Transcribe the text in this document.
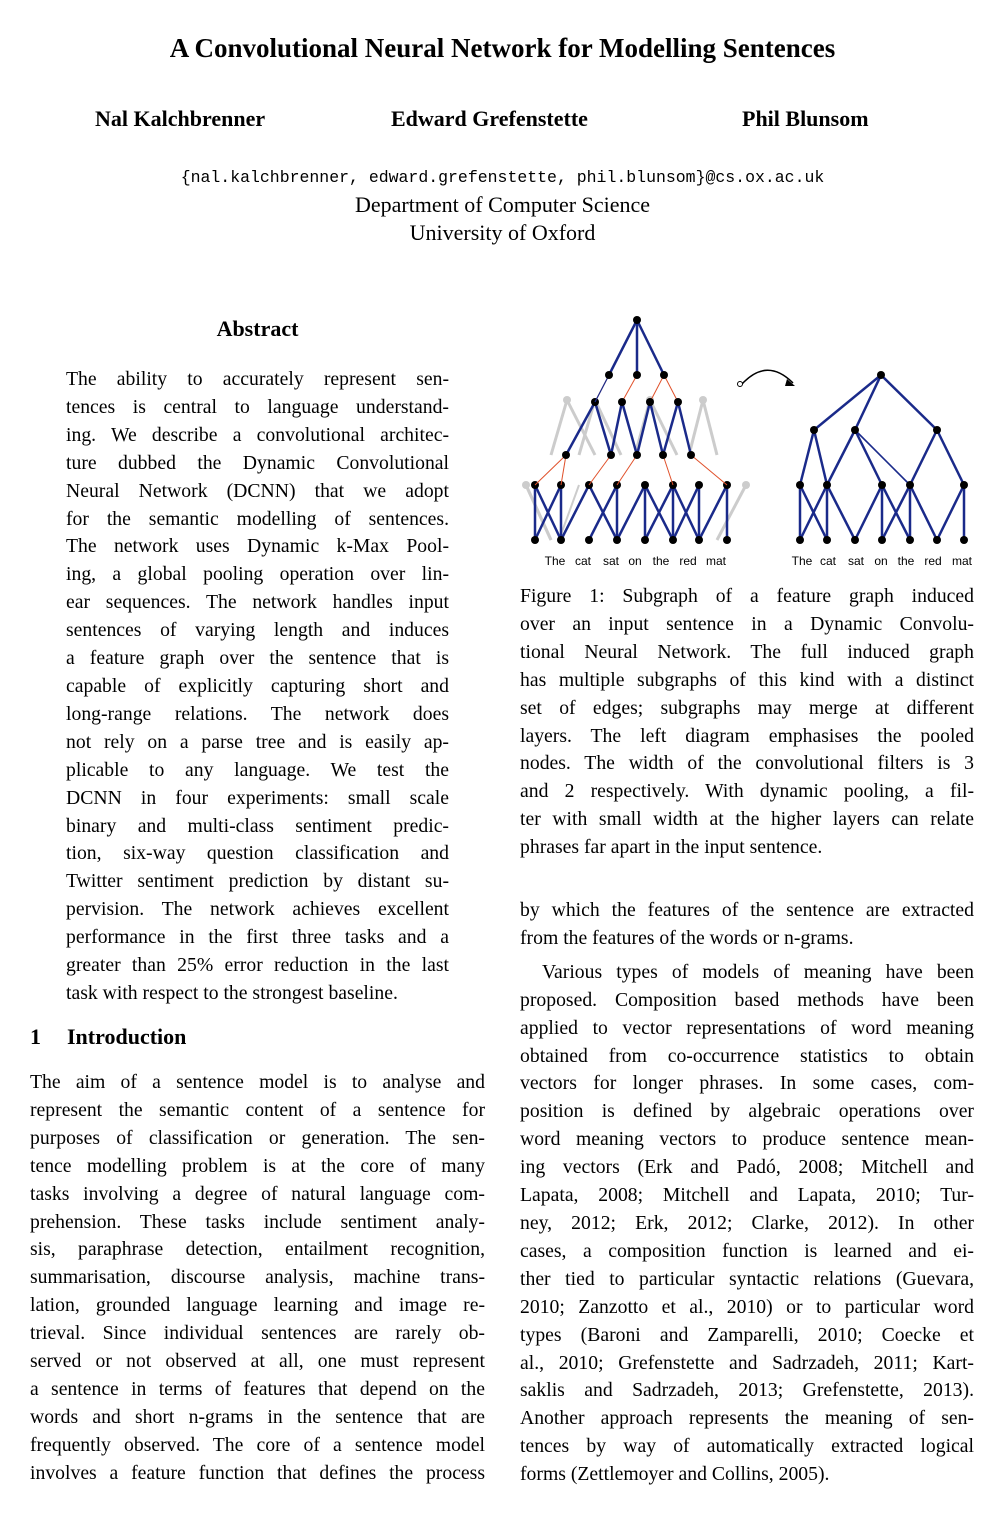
A Convolutional Neural Network for Modelling Sentences
Nal Kalchbrenner	Edward Grefenstette	Phil Blunsom
{nal.kalchbrenner, edward.grefenstette, phil.blunsom}@cs.ox.ac.uk
Department of Computer Science
University of Oxford
Abstract
The ability to accurately represent sen-
tences is central to language understand-
ing. We describe a convolutional architec-
ture dubbed the Dynamic Convolutional
Neural Network (DCNN) that we adopt
for the semantic modelling of sentences.
The network uses Dynamic k-Max Pool-
ing, a global pooling operation over lin-
ear sequences. The network handles input
sentences of varying length and induces
a feature graph over the sentence that is
capable of explicitly capturing short and
long-range relations. The network does
not rely on a parse tree and is easily ap-
plicable to any language. We test the
DCNN in four experiments: small scale
binary and multi-class sentiment predic-
tion, six-way question classification and
Twitter sentiment prediction by distant su-
pervision. The network achieves excellent
performance in the first three tasks and a
greater than 25% error reduction in the last
task with respect to the strongest baseline.
1 Introduction
The aim of a sentence model is to analyse and
represent the semantic content of a sentence for
purposes of classification or generation. The sen-
tence modelling problem is at the core of many
tasks involving a degree of natural language com-
prehension. These tasks include sentiment analy-
sis, paraphrase detection, entailment recognition,
summarisation, discourse analysis, machine trans-
lation, grounded language learning and image re-
trieval. Since individual sentences are rarely ob-
served or not observed at all, one must represent
a sentence in terms of features that depend on the
words and short n-grams in the sentence that are
frequently observed. The core of a sentence model
involves a feature function that defines the process
The	The
cat	cat
sat	sat
on	on
the	the
red	red
mat	mat
Figure 1: Subgraph of a feature graph induced
over an input sentence in a Dynamic Convolu-
tional Neural Network. The full induced graph
has multiple subgraphs of this kind with a distinct
set of edges; subgraphs may merge at different
layers. The left diagram emphasises the pooled
nodes. The width of the convolutional filters is 3
and 2 respectively. With dynamic pooling, a fil-
ter with small width at the higher layers can relate
phrases far apart in the input sentence.
by which the features of the sentence are extracted
from the features of the words or n-grams.
Various types of models of meaning have been
proposed. Composition based methods have been
applied to vector representations of word meaning
obtained from co-occurrence statistics to obtain
vectors for longer phrases. In some cases, com-
position is defined by algebraic operations over
word meaning vectors to produce sentence mean-
ing vectors (Erk and Padó, 2008; Mitchell and
Lapata, 2008; Mitchell and Lapata, 2010; Tur-
ney, 2012; Erk, 2012; Clarke, 2012). In other
cases, a composition function is learned and ei-
ther tied to particular syntactic relations (Guevara,
2010; Zanzotto et al., 2010) or to particular word
types (Baroni and Zamparelli, 2010; Coecke et
al., 2010; Grefenstette and Sadrzadeh, 2011; Kart-
saklis and Sadrzadeh, 2013; Grefenstette, 2013).
Another approach represents the meaning of sen-
tences by way of automatically extracted logical
forms (Zettlemoyer and Collins, 2005).
